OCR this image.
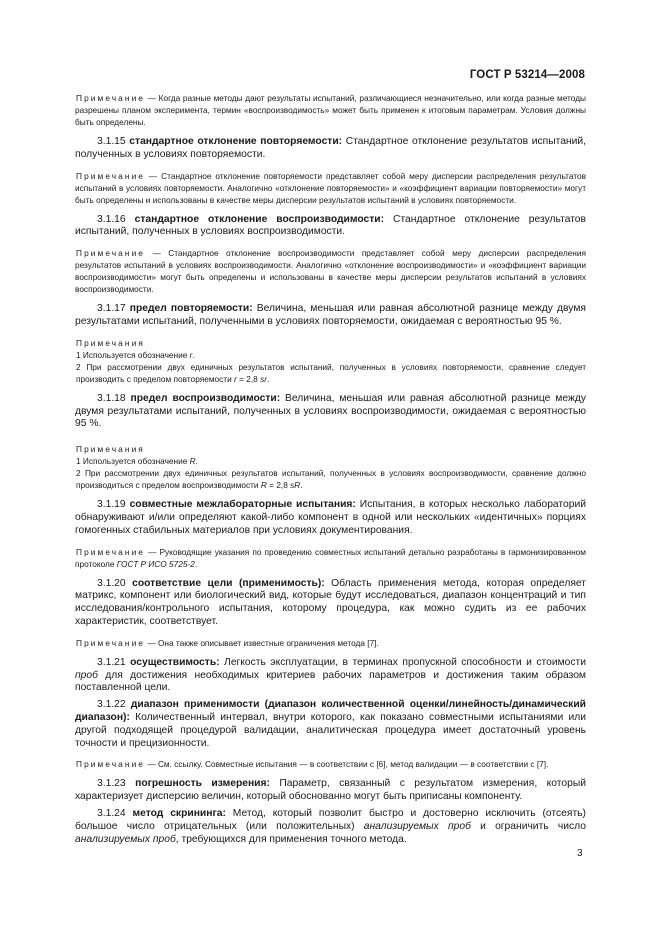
ГОСТ Р 53214—2008

Примечание — Когда разные методы дают результаты испытаний, различающиеся незначительно, или когда разные методы разрешены планом эксперимента, термин «воспроизводимость» может быть применен к итоговым параметрам. Условия должны быть определены.

3.1.15 стандартное отклонение повторяемости: Стандартное отклонение результатов испытаний, полученных в условиях повторяемости.

Примечание — Стандартное отклонение повторяемости представляет собой меру дисперсии распределения результатов испытаний в условиях повторяемости. Аналогично «отклонение повторяемости» и «коэффициент вариации повторяемости» могут быть определены и использованы в качестве меры дисперсии результатов испытаний в условиях повторяемости.

3.1.16 стандартное отклонение воспроизводимости: Стандартное отклонение результатов испытаний, полученных в условиях воспроизводимости.

Примечание — Стандартное отклонение воспроизводимости представляет собой меру дисперсии распределения результатов испытаний в условиях воспроизводимости. Аналогично «отклонение воспроизводимости» и «коэффициент вариации воспроизводимости» могут быть определены и использованы в качестве меры дисперсии результатов испытаний в условиях воспроизводимости.

3.1.17 предел повторяемости: Величина, меньшая или равная абсолютной разнице между двумя результатами испытаний, полученными в условиях повторяемости, ожидаемая с вероятностью 95 %.

Примечания

1 Используется обозначение r.

2 При рассмотрении двух единичных результатов испытаний, полученных в условиях повторяемости, сравнение следует производить с пределом повторяемости r = 2,8 sr.

3.1.18 предел воспроизводимости: Величина, меньшая или равная абсолютной разнице между двумя результатами испытаний, полученных в условиях воспроизводимости, ожидаемая с вероятностью 95 %.

Примечания

1 Используется обозначение R.

2 При рассмотрении двух единичных результатов испытаний, полученных в условиях воспроизводимости, сравнение должно производиться с пределом воспроизводимости R = 2,8 sR.

3.1.19 совместные межлабораторные испытания: Испытания, в которых несколько лабораторий обнаруживают и/или определяют какой-либо компонент в одной или нескольких «идентичных» порциях гомогенных стабильных материалов при условиях документирования.

Примечание — Руководящие указания по проведению совместных испытаний детально разработаны в гармонизированном протоколе ГОСТ Р ИСО 5725-2.

3.1.20 соответствие цели (применимость): Область применения метода, которая определяет матрикс, компонент или биологический вид, которые будут исследоваться, диапазон концентраций и тип исследования/контрольного испытания, которому процедура, как можно судить из ее рабочих характеристик, соответствует.

Примечание — Она также описывает известные ограничения метода [7].

3.1.21 осуществимость: Легкость эксплуатации, в терминах пропускной способности и стоимости проб для достижения необходимых критериев рабочих параметров и достижения таким образом поставленной цели.

3.1.22 диапазон применимости (диапазон количественной оценки/линейность/динамический диапазон): Количественный интервал, внутри которого, как показано совместными испытаниями или другой подходящей процедурой валидации, аналитическая процедура имеет достаточный уровень точности и прецизионности.

Примечание — См. ссылку. Совместные испытания — в соответствии с [6], метод валидации — в соответствии с [7].

3.1.23 погрешность измерения: Параметр, связанный с результатом измерения, который характеризует дисперсию величин, который обоснованно могут быть приписаны компоненту.

3.1.24 метод скрининга: Метод, который позволит быстро и достоверно исключить (отсеять) большое число отрицательных (или положительных) анализируемых проб и ограничить число анализируемых проб, требующихся для применения точного метода.

3
